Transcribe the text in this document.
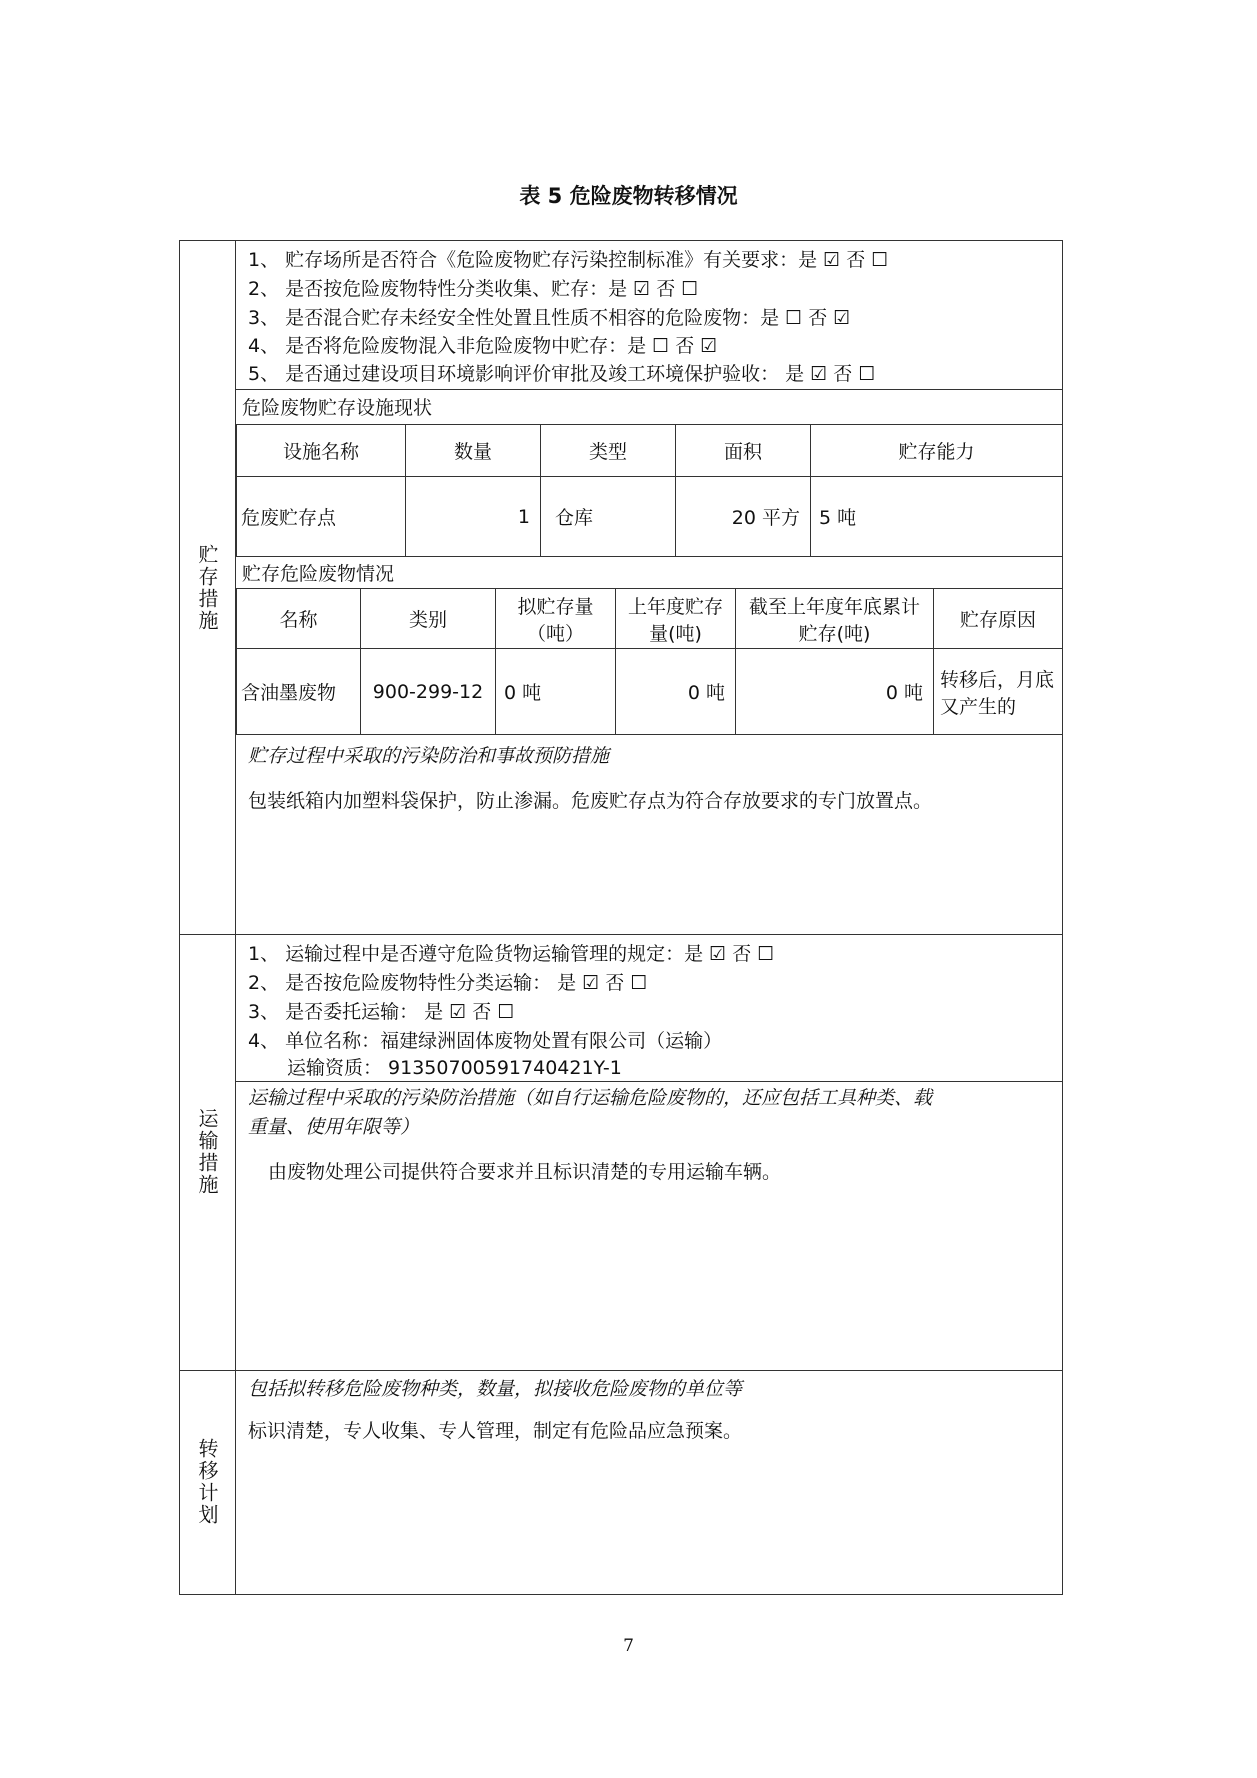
表 5 危险废物转移情况
贮存措施
运输措施
转移计划
1、 贮存场所是否符合《危险废物贮存污染控制标准》有关要求：是 ☑ 否 ☐
2、 是否按危险废物特性分类收集、贮存：是 ☑ 否 ☐
3、 是否混合贮存未经安全性处置且性质不相容的危险废物：是 ☐ 否 ☑
4、 是否将危险废物混入非危险废物中贮存：是 ☐ 否 ☑
5、 是否通过建设项目环境影响评价审批及竣工环境保护验收： 是 ☑ 否 ☐
危险废物贮存设施现状
设施名称	数量	类型	面积	贮存能力
危废贮存点	1	仓库	20 平方	5 吨
贮存危险废物情况
名称	类别	拟贮存量（吨）	上年度贮存量(吨)	截至上年度年底累计贮存(吨)	贮存原因
含油墨废物	900-299-12	0 吨	0 吨	0 吨	转移后，月底又产生的
贮存过程中采取的污染防治和事故预防措施
包装纸箱内加塑料袋保护，防止渗漏。危废贮存点为符合存放要求的专门放置点。
1、 运输过程中是否遵守危险货物运输管理的规定：是 ☑ 否 ☐
2、 是否按危险废物特性分类运输： 是 ☑ 否 ☐
3、 是否委托运输： 是 ☑ 否 ☐
4、 单位名称：福建绿洲固体废物处置有限公司（运输）
运输资质： 91350700591740421Y-1
运输过程中采取的污染防治措施（如自行运输危险废物的，还应包括工具种类、载
重量、使用年限等）
由废物处理公司提供符合要求并且标识清楚的专用运输车辆。
包括拟转移危险废物种类，数量，拟接收危险废物的单位等
标识清楚，专人收集、专人管理，制定有危险品应急预案。
7
